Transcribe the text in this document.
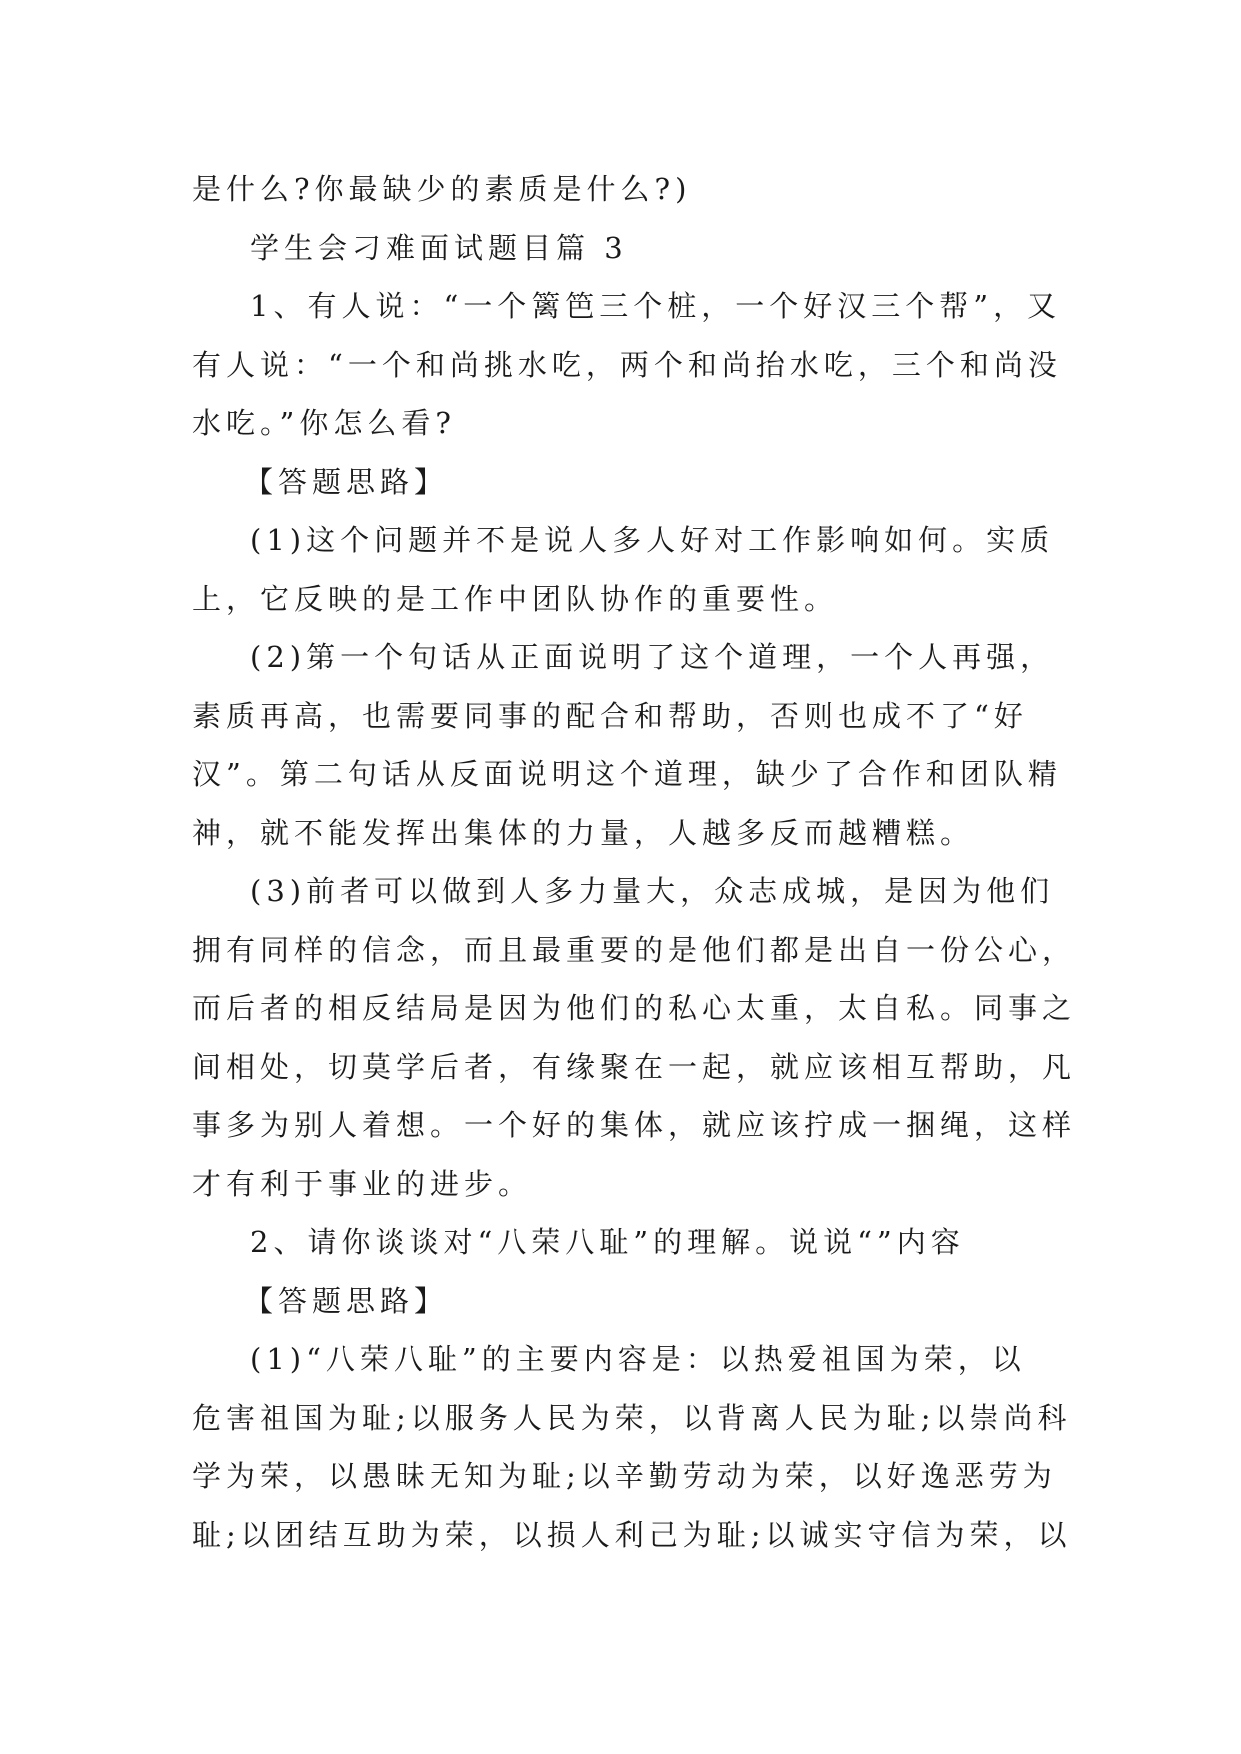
是什么?你最缺少的素质是什么?)
学生会刁难面试题目篇 3
1、有人说：“一个篱笆三个桩，一个好汉三个帮”，又
有人说：“一个和尚挑水吃，两个和尚抬水吃，三个和尚没
水吃。”你怎么看?
【答题思路】
(1)这个问题并不是说人多人好对工作影响如何。实质
上，它反映的是工作中团队协作的重要性。
(2)第一个句话从正面说明了这个道理，一个人再强，
素质再高，也需要同事的配合和帮助，否则也成不了“好
汉”。第二句话从反面说明这个道理，缺少了合作和团队精
神，就不能发挥出集体的力量，人越多反而越糟糕。
(3)前者可以做到人多力量大，众志成城，是因为他们
拥有同样的信念，而且最重要的是他们都是出自一份公心，
而后者的相反结局是因为他们的私心太重，太自私。同事之
间相处，切莫学后者，有缘聚在一起，就应该相互帮助，凡
事多为别人着想。一个好的集体，就应该拧成一捆绳，这样
才有利于事业的进步。
2、请你谈谈对“八荣八耻”的理解。说说“”内容
【答题思路】
(1)“八荣八耻”的主要内容是：以热爱祖国为荣，以
危害祖国为耻;以服务人民为荣，以背离人民为耻;以崇尚科
学为荣，以愚昧无知为耻;以辛勤劳动为荣，以好逸恶劳为
耻;以团结互助为荣，以损人利己为耻;以诚实守信为荣，以
